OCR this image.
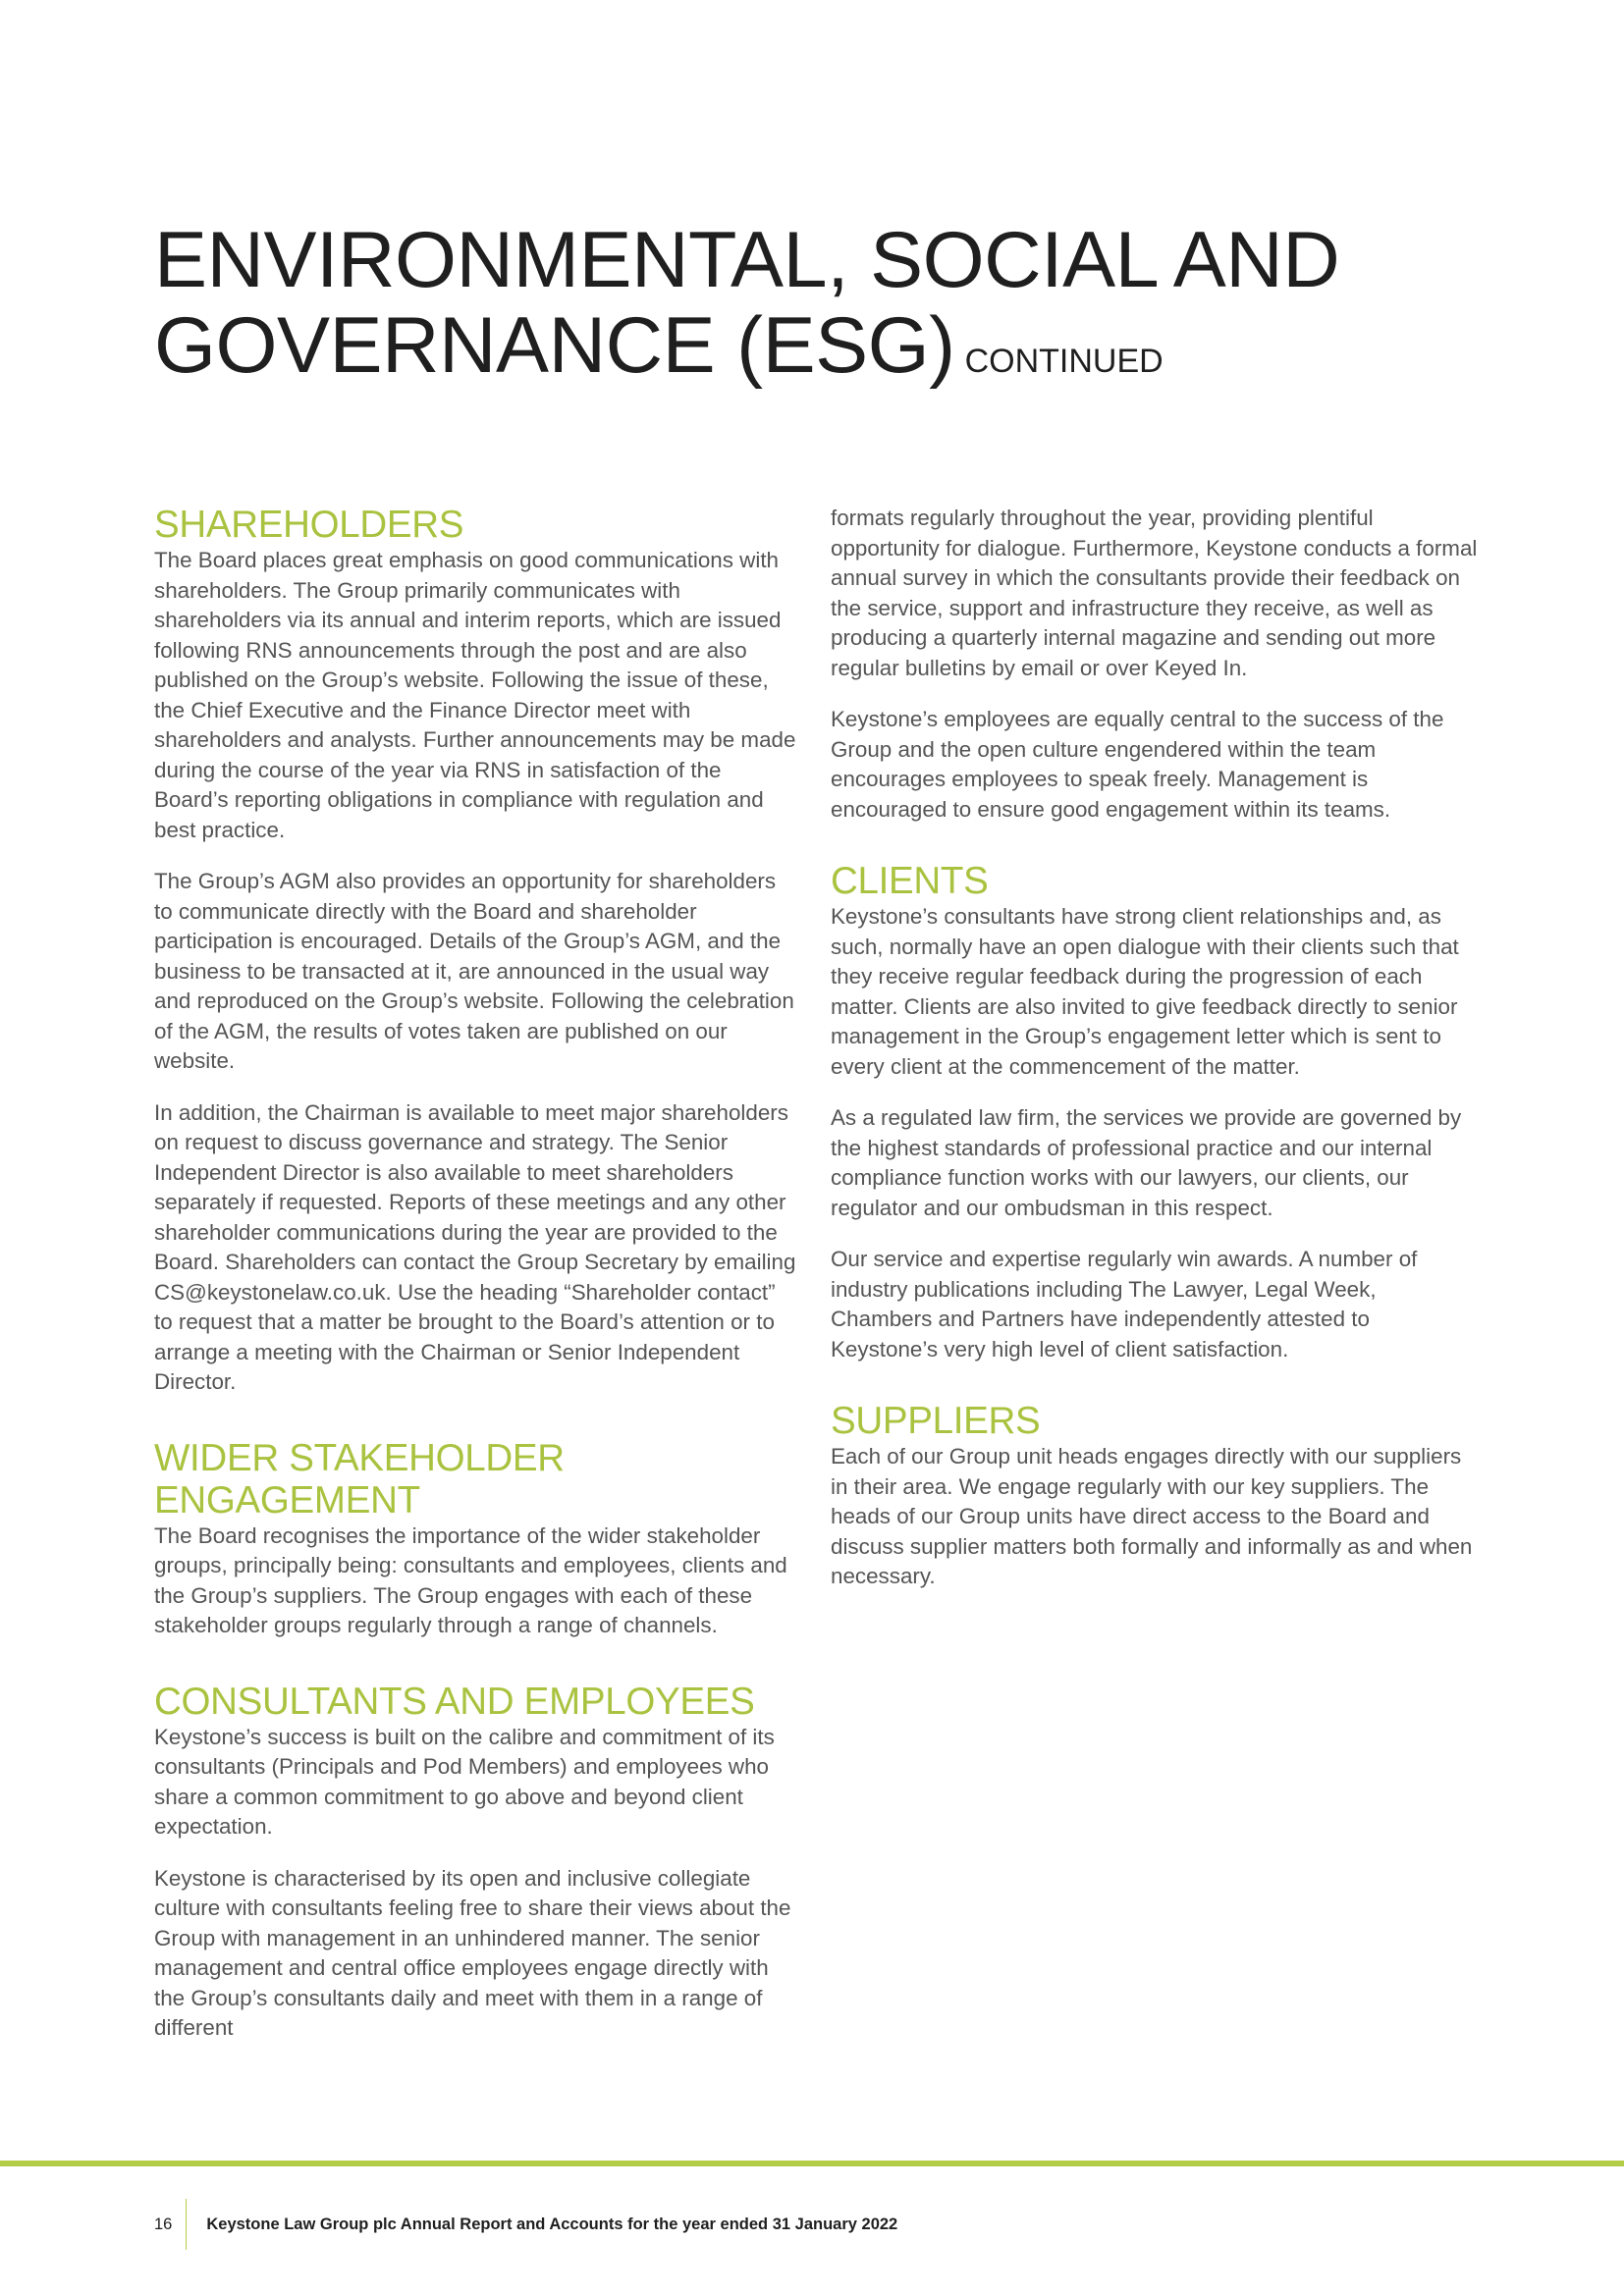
ENVIRONMENTAL, SOCIAL AND
GOVERNANCE (ESG) CONTINUED
SHAREHOLDERS

The Board places great emphasis on good communications with shareholders. The Group primarily communicates with shareholders via its annual and interim reports, which are issued following RNS announcements through the post and are also published on the Group’s website. Following the issue of these, the Chief Executive and the Finance Director meet with shareholders and analysts. Further announcements may be made during the course of the year via RNS in satisfaction of the Board’s reporting obligations in compliance with regulation and best practice.

The Group’s AGM also provides an opportunity for shareholders to communicate directly with the Board and shareholder participation is encouraged. Details of the Group’s AGM, and the business to be transacted at it, are announced in the usual way and reproduced on the Group’s website. Following the celebration of the AGM, the results of votes taken are published on our website.

In addition, the Chairman is available to meet major shareholders on request to discuss governance and strategy. The Senior Independent Director is also available to meet shareholders separately if requested. Reports of these meetings and any other shareholder communications during the year are provided to the Board. Shareholders can contact the Group Secretary by emailing CS@keystonelaw.co.uk. Use the heading “Shareholder contact” to request that a matter be brought to the Board’s attention or to arrange a meeting with the Chairman or Senior Independent Director.

WIDER STAKEHOLDER
ENGAGEMENT

The Board recognises the importance of the wider stakeholder groups, principally being: consultants and employees, clients and the Group’s suppliers. The Group engages with each of these stakeholder groups regularly through a range of channels.

CONSULTANTS AND EMPLOYEES

Keystone’s success is built on the calibre and commitment of its consultants (Principals and Pod Members) and employees who share a common commitment to go above and beyond client expectation.

Keystone is characterised by its open and inclusive collegiate culture with consultants feeling free to share their views about the Group with management in an unhindered manner. The senior management and central office employees engage directly with the Group’s consultants daily and meet with them in a range of different

formats regularly throughout the year, providing plentiful opportunity for dialogue. Furthermore, Keystone conducts a formal annual survey in which the consultants provide their feedback on the service, support and infrastructure they receive, as well as producing a quarterly internal magazine and sending out more regular bulletins by email or over Keyed In.

Keystone’s employees are equally central to the success of the Group and the open culture engendered within the team encourages employees to speak freely. Management is encouraged to ensure good engagement within its teams.

CLIENTS

Keystone’s consultants have strong client relationships and, as such, normally have an open dialogue with their clients such that they receive regular feedback during the progression of each matter. Clients are also invited to give feedback directly to senior management in the Group’s engagement letter which is sent to every client at the commencement of the matter.

As a regulated law firm, the services we provide are governed by the highest standards of professional practice and our internal compliance function works with our lawyers, our clients, our regulator and our ombudsman in this respect.

Our service and expertise regularly win awards. A number of industry publications including The Lawyer, Legal Week, Chambers and Partners have independently attested to Keystone’s very high level of client satisfaction.

SUPPLIERS

Each of our Group unit heads engages directly with our suppliers in their area. We engage regularly with our key suppliers. The heads of our Group units have direct access to the Board and discuss supplier matters both formally and informally as and when necessary.

16	Keystone Law Group plc Annual Report and Accounts for the year ended 31 January 2022
